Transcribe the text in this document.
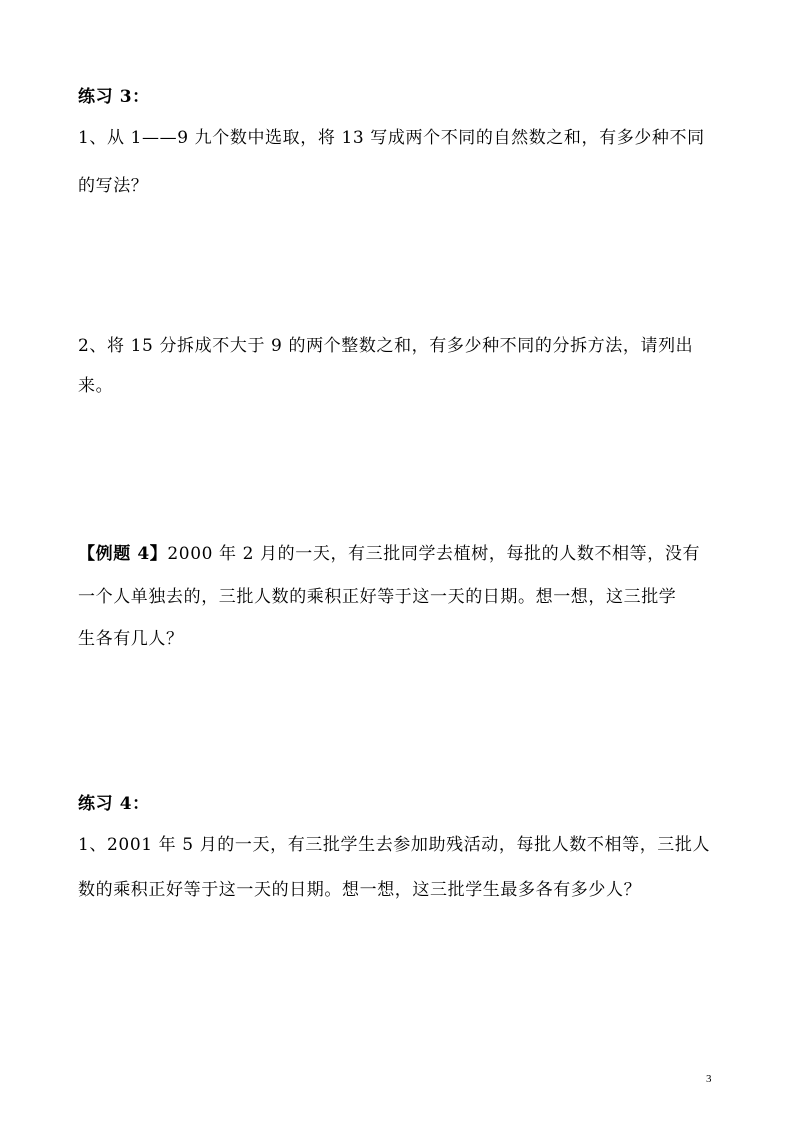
练习 3：
1、从 1——9 九个数中选取，将 13 写成两个不同的自然数之和，有多少种不同
的写法？
2、将 15 分拆成不大于 9 的两个整数之和，有多少种不同的分拆方法，请列出
来。
【例题 4】2000 年 2 月的一天，有三批同学去植树，每批的人数不相等，没有
一个人单独去的，三批人数的乘积正好等于这一天的日期。想一想，这三批学
生各有几人？
练习 4：
1、2001 年 5 月的一天，有三批学生去参加助残活动，每批人数不相等，三批人
数的乘积正好等于这一天的日期。想一想，这三批学生最多各有多少人？
3
